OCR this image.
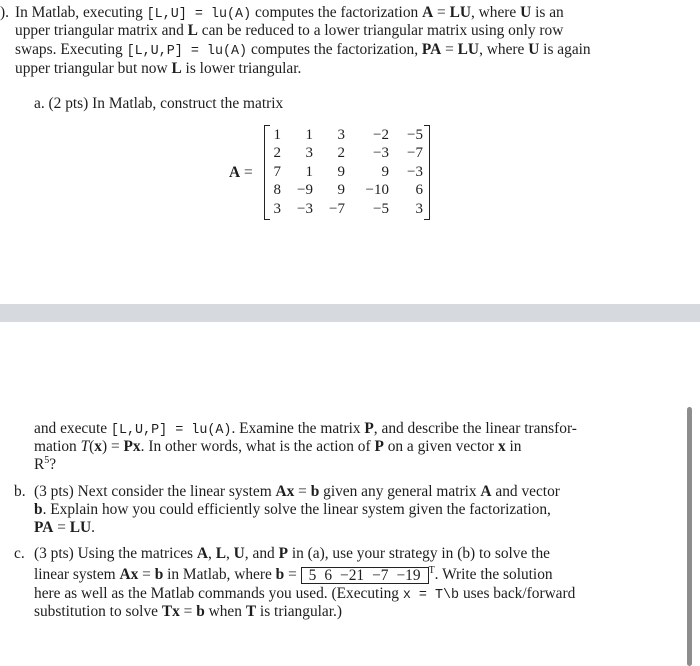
). In Matlab, executing [L,U] = lu(A) computes the factorization A = LU, where U is an
upper triangular matrix and L can be reduced to a lower triangular matrix using only row
swaps. Executing [L,U,P] = lu(A) computes the factorization, PA = LU, where U is again
upper triangular but now L is lower triangular.
a. (2 pts) In Matlab, construct the matrix
A =
1	1	3	−2	−5
2	3	2	−3	−7
7	1	9	9	−3
8	−9	9	−10	6
3	−3	−7	−5	3
and execute [L,U,P] = lu(A). Examine the matrix P, and describe the linear transfor-
mation T(x) = Px. In other words, what is the action of P on a given vector x in
$R^5$?
b. (3 pts) Next consider the linear system Ax = b given any general matrix A and vector
b. Explain how you could efficiently solve the linear system given the factorization,
PA = LU.
c. (3 pts) Using the matrices A, L, U, and P in (a), use your strategy in (b) to solve the
linear system Ax = b in Matlab, where b = 5 6 −21 −7 −19 $^T$. Write the solution
here as well as the Matlab commands you used. (Executing x = T\b uses back/forward
substitution to solve Tx = b when T is triangular.)
